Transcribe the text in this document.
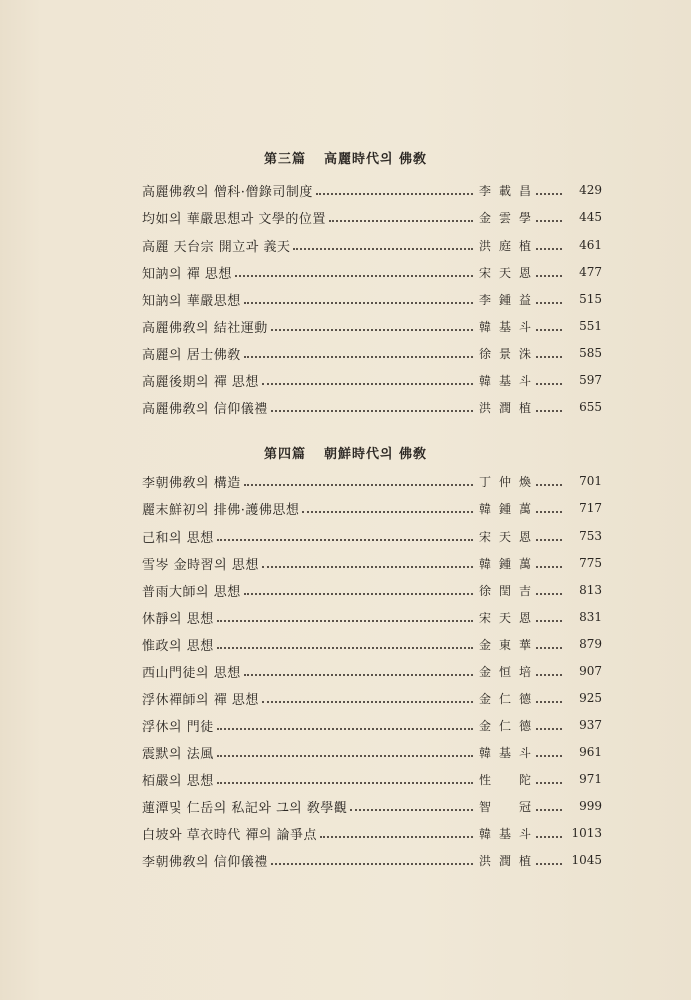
第三篇 高麗時代의 佛敎
高麗佛敎의 僧科·僧錄司制度	李 載 昌	429
均如의 華嚴思想과 文學的位置	金 雲 學	445
高麗 天台宗 開立과 義天	洪 庭 植	461
知訥의 禪 思想	宋 天 恩	477
知訥의 華嚴思想	李 鍾 益	515
高麗佛敎의 結社運動	韓 基 斗	551
高麗의 居士佛敎	徐 景 洙	585
高麗後期의 禪 思想	韓 基 斗	597
高麗佛敎의 信仰儀禮	洪 潤 植	655
第四篇 朝鮮時代의 佛敎
李朝佛敎의 構造	丁 仲 煥	701
麗末鮮初의 排佛·護佛思想	韓 鍾 萬	717
己和의 思想	宋 天 恩	753
雪岑 金時習의 思想	韓 鍾 萬	775
普雨大師의 思想	徐 閏 吉	813
休靜의 思想	宋 天 恩	831
惟政의 思想	金 東 華	879
西山門徒의 思想	金 恒 培	907
浮休禪師의 禪 思想	金 仁 德	925
浮休의 門徒	金 仁 德	937
震默의 法風	韓 基 斗	961
栢嚴의 思想	性 陀	971
蓮潭및 仁岳의 私記와 그의 敎學觀	智 冠	999
白坡와 草衣時代 禪의 論爭点	韓 基 斗	1013
李朝佛敎의 信仰儀禮	洪 潤 植	1045
